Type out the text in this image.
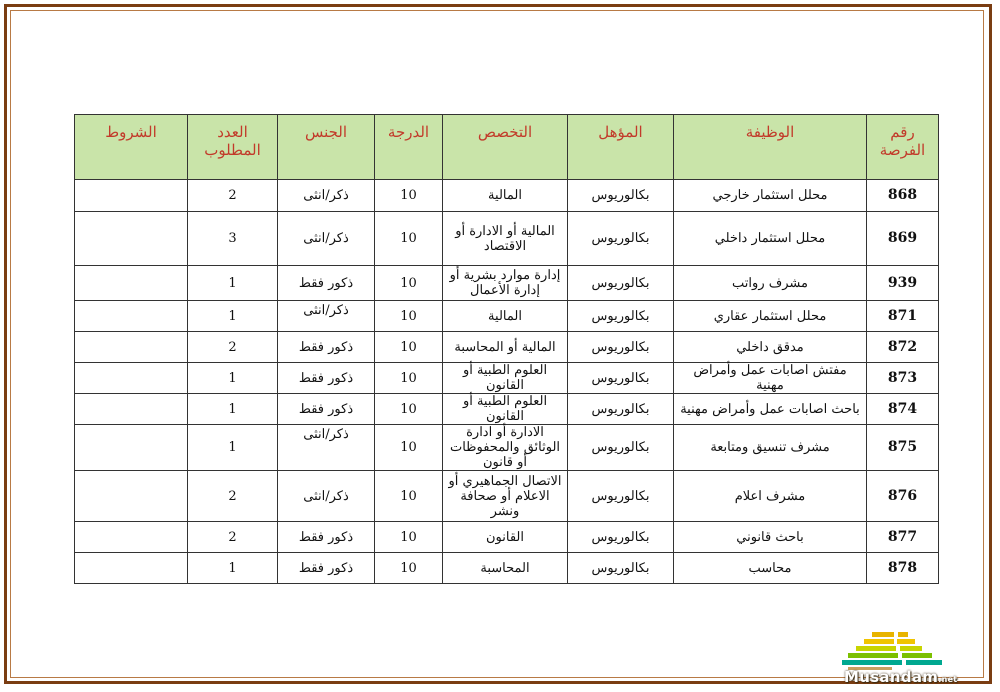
رقم الفرصة	الوظيفة	المؤهل	التخصص	الدرجة	الجنس	العدد المطلوب	الشروط
868	محلل استثمار خارجي	بكالوريوس	المالية	10	ذكر/انثى	2	
869	محلل استثمار داخلي	بكالوريوس	المالية أو الادارة أو الاقتصاد	10	ذكر/انثى	3	
939	مشرف رواتب	بكالوريوس	إدارة موارد بشرية أو إدارة الأعمال	10	ذكور فقط	1	
871	محلل استثمار عقاري	بكالوريوس	المالية	10	ذكر/انثى	1	
872	مدقق داخلي	بكالوريوس	المالية أو المحاسبة	10	ذكور فقط	2	
873	مفتش اصابات عمل وأمراض مهنية	بكالوريوس	العلوم الطبية أو القانون	10	ذكور فقط	1	
874	باحث اصابات عمل وأمراض مهنية	بكالوريوس	العلوم الطبية أو القانون	10	ذكور فقط	1	
875	مشرف تنسيق ومتابعة	بكالوريوس	الادارة أو ادارة الوثائق والمحفوظات أو قانون	10	ذكر/انثى	1	
876	مشرف اعلام	بكالوريوس	الاتصال الجماهيري أو الاعلام أو صحافة ونشر	10	ذكر/انثى	2	
877	باحث قانوني	بكالوريوس	القانون	10	ذكور فقط	2	
878	محاسب	بكالوريوس	المحاسبة	10	ذكور فقط	1	
Musandam.net
